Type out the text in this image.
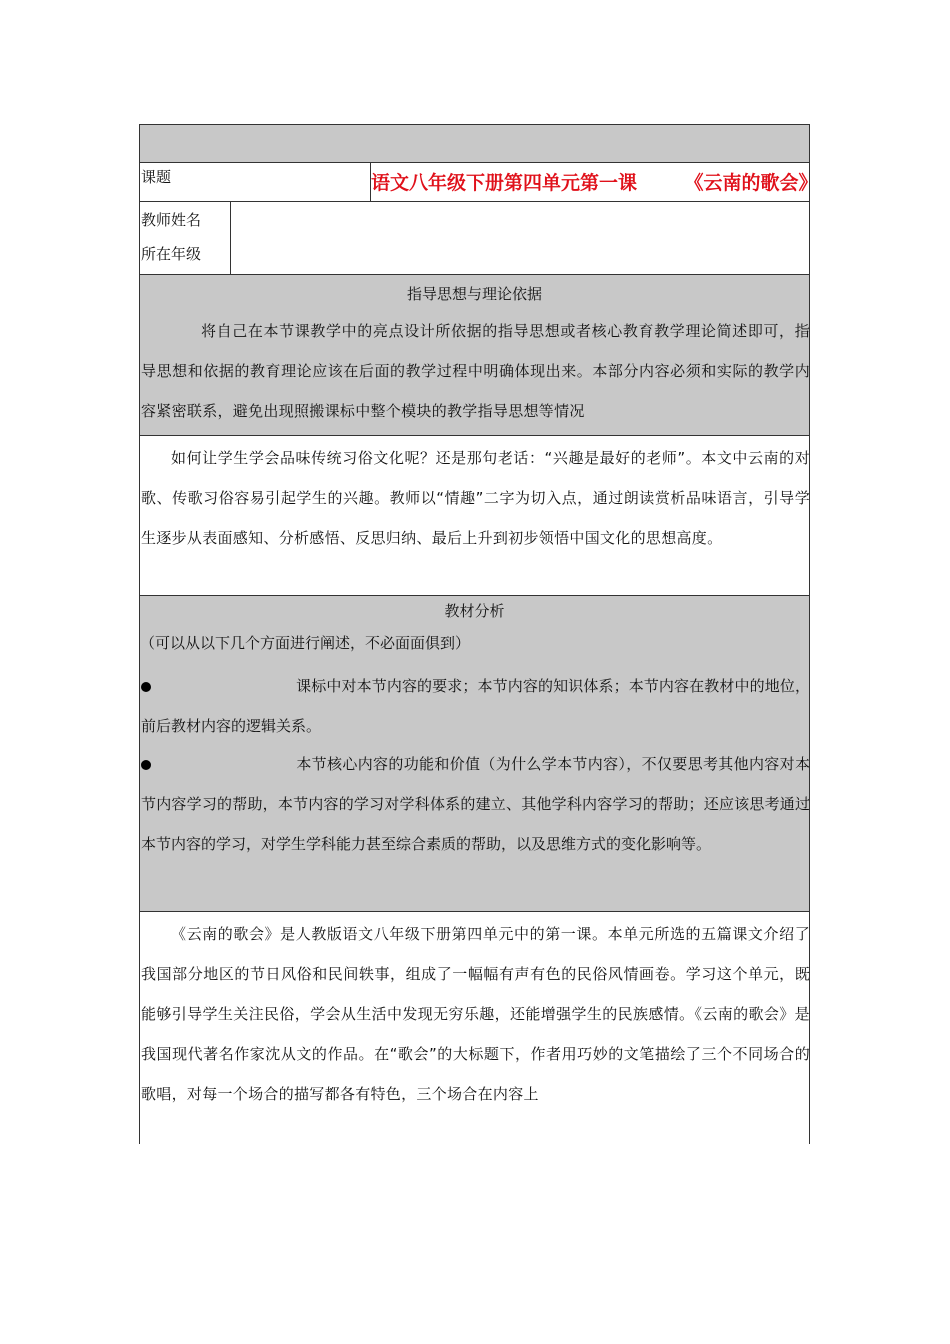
课题	语文八年级下册第四单元第一课　　　《云南的歌会》
教师姓名
所在年级
指导思想与理论依据
将自己在本节课教学中的亮点设计所依据的指导思想或者核心教育教学理论简述即可，指导思想和依据的教育理论应该在后面的教学过程中明确体现出来。本部分内容必须和实际的教学内容紧密联系，避免出现照搬课标中整个模块的教学指导思想等情况
如何让学生学会品味传统习俗文化呢？还是那句老话：“兴趣是最好的老师”。本文中云南的对歌、传歌习俗容易引起学生的兴趣。教师以“情趣”二字为切入点，通过朗读赏析品味语言，引导学生逐步从表面感知、分析感悟、反思归纳、最后上升到初步领悟中国文化的思想高度。
教材分析
（可以从以下几个方面进行阐述，不必面面俱到）
课标中对本节内容的要求；本节内容的知识体系；本节内容在教材中的地位，前后教材内容的逻辑关系。
本节核心内容的功能和价值（为什么学本节内容），不仅要思考其他内容对本节内容学习的帮助，本节内容的学习对学科体系的建立、其他学科内容学习的帮助；还应该思考通过本节内容的学习，对学生学科能力甚至综合素质的帮助，以及思维方式的变化影响等。
《云南的歌会》是人教版语文八年级下册第四单元中的第一课。本单元所选的五篇课文介绍了我国部分地区的节日风俗和民间轶事，组成了一幅幅有声有色的民俗风情画卷。学习这个单元，既能够引导学生关注民俗，学会从生活中发现无穷乐趣，还能增强学生的民族感情。《云南的歌会》是我国现代著名作家沈从文的作品。在“歌会”的大标题下，作者用巧妙的文笔描绘了三个不同场合的歌唱，对每一个场合的描写都各有特色，三个场合在内容上
